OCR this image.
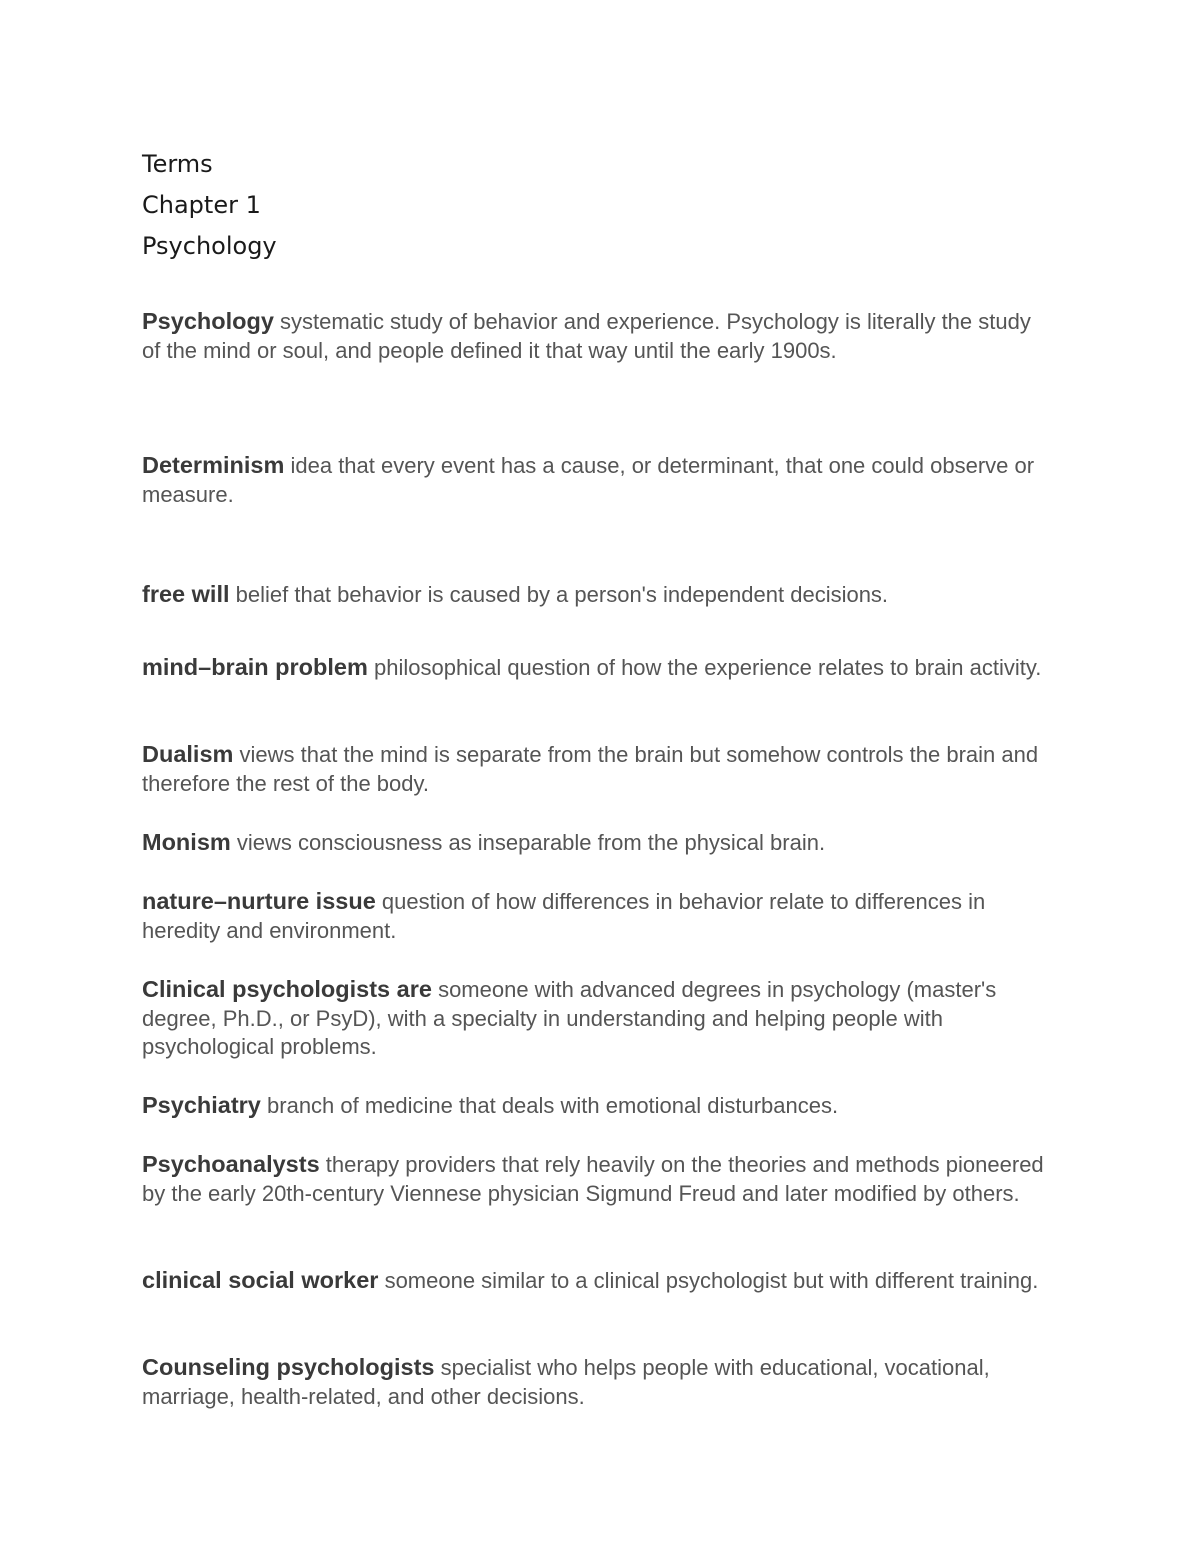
Terms
Chapter 1
Psychology

Psychology systematic study of behavior and experience. Psychology is literally the study of the mind or soul, and people defined it that way until the early 1900s.

Determinism idea that every event has a cause, or determinant, that one could observe or measure.

free will belief that behavior is caused by a person's independent decisions.

mind–brain problem philosophical question of how the experience relates to brain activity.

Dualism views that the mind is separate from the brain but somehow controls the brain and therefore the rest of the body.

Monism views consciousness as inseparable from the physical brain.

nature–nurture issue question of how differences in behavior relate to differences in heredity and environment.

Clinical psychologists are someone with advanced degrees in psychology (master's degree, Ph.D., or PsyD), with a specialty in understanding and helping people with psychological problems.

Psychiatry branch of medicine that deals with emotional disturbances.

Psychoanalysts therapy providers that rely heavily on the theories and methods pioneered by the early 20th-century Viennese physician Sigmund Freud and later modified by others.

clinical social worker someone similar to a clinical psychologist but with different training.

Counseling psychologists specialist who helps people with educational, vocational, marriage, health-related, and other decisions.
